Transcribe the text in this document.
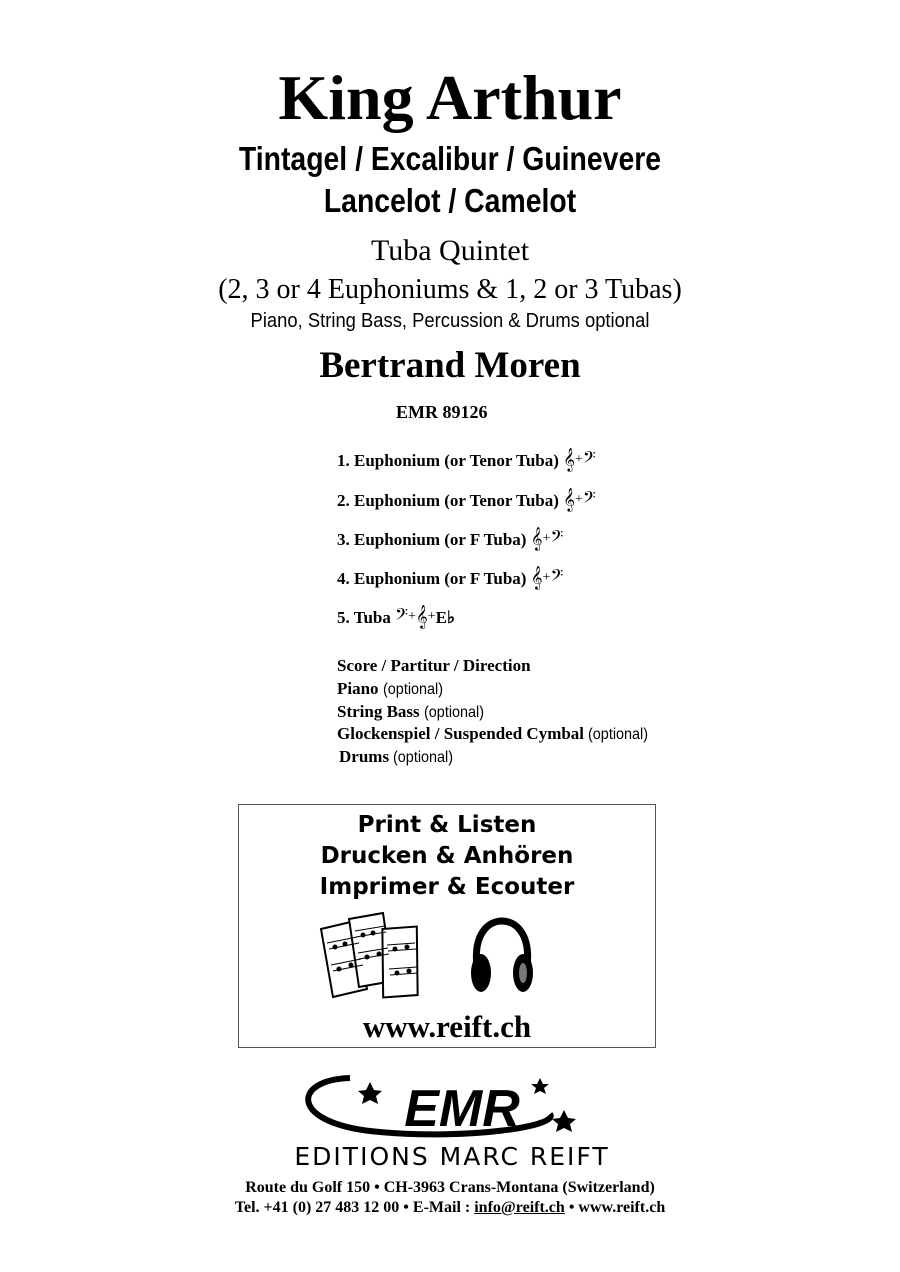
King Arthur
Tintagel / Excalibur / Guinevere
Lancelot / Camelot
Tuba Quintet
(2, 3 or 4 Euphoniums & 1, 2 or 3 Tubas)
Piano, String Bass, Percussion & Drums optional
Bertrand Moren
EMR 89126
1. Euphonium (or Tenor Tuba) 𝄞+𝄢
2. Euphonium (or Tenor Tuba) 𝄞+𝄢
3. Euphonium (or F Tuba) 𝄞+𝄢
4. Euphonium (or F Tuba) 𝄞+𝄢
5. Tuba 𝄢+𝄞+E♭
Score / Partitur / Direction
Piano (optional)
String Bass (optional)
Glockenspiel / Suspended Cymbal (optional)
Drums (optional)
Print & Listen
Drucken & Anhören
Imprimer & Ecouter
www.reift.ch
EMR
EDITIONS MARC REIFT
Route du Golf 150 • CH-3963 Crans-Montana (Switzerland)
Tel. +41 (0) 27 483 12 00 • E-Mail : info@reift.ch • www.reift.ch
